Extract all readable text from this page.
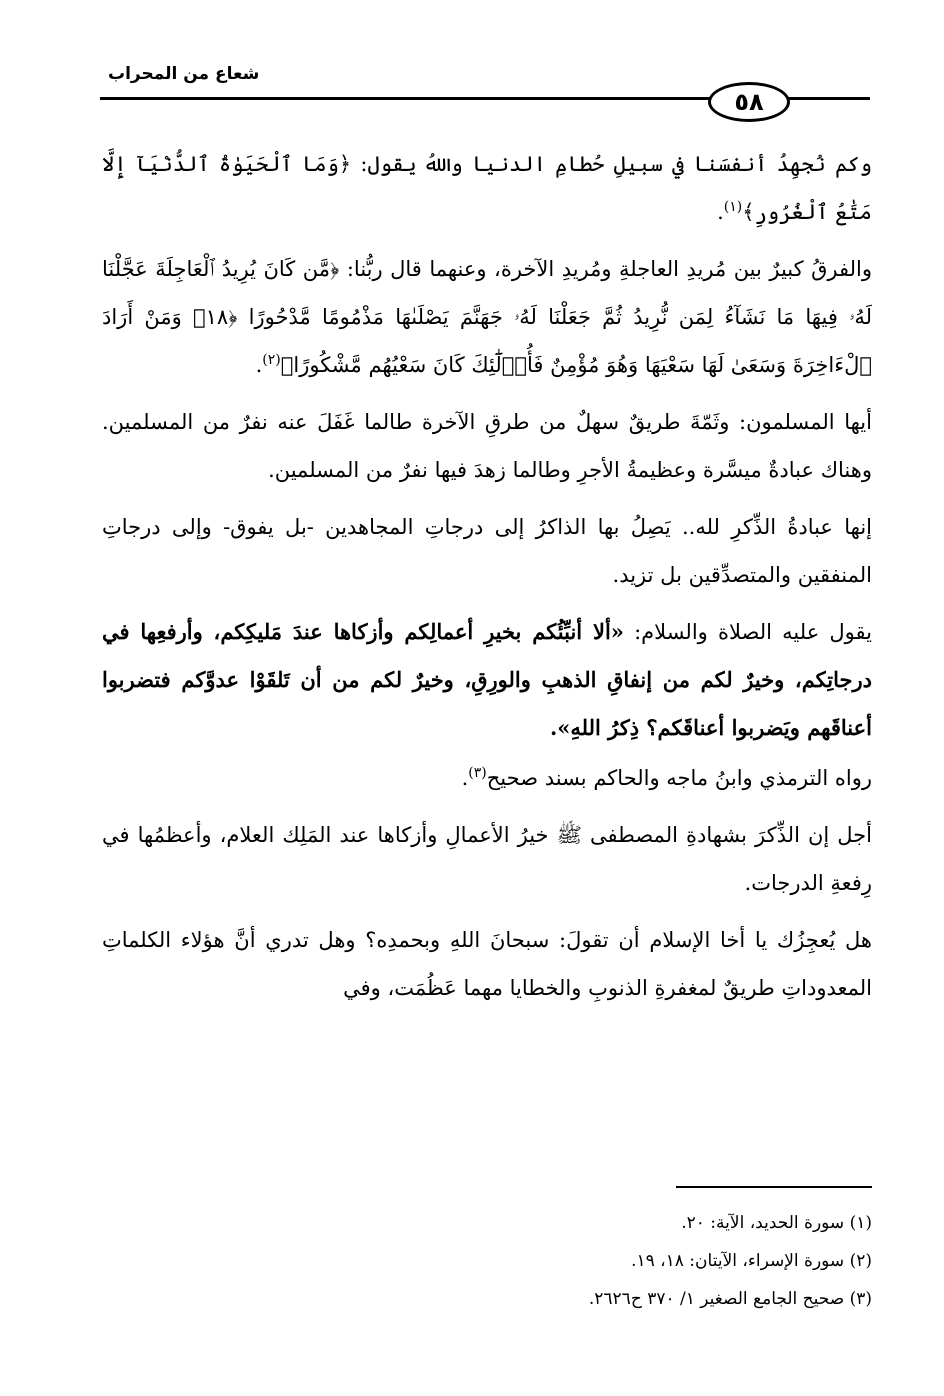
شعاع من المحراب
٥٨

وكم نُجهِدُ أنفسَنا في سبيلِ حُطامِ الدنيا واللهُ يقول: ﴿وَمَا ٱلْحَيَوٰةُ ٱلدُّنْيَآ إِلَّا مَتَٰعُ ٱلْغُرُورِ﴾$^{(١)}$.

والفرقُ كبيرٌ بين مُريدِ العاجلةِ ومُريدِ الآخرة، وعنهما قال ربُّنا: ﴿مَّن كَانَ يُرِيدُ ٱلْعَاجِلَةَ عَجَّلْنَا لَهُۥ فِيهَا مَا نَشَآءُ لِمَن نُّرِيدُ ثُمَّ جَعَلْنَا لَهُۥ جَهَنَّمَ يَصْلَىٰهَا مَذْمُومًا مَّدْحُورًا ﴿١٨﴾ وَمَنْ أَرَادَ ٱلْءَاخِرَةَ وَسَعَىٰ لَهَا سَعْيَهَا وَهُوَ مُؤْمِنٌ فَأُو۟لَٰٓئِكَ كَانَ سَعْيُهُم مَّشْكُورًا﴾$^{(٢)}$.

أيها المسلمون: وثَمّةَ طريقٌ سهلٌ من طرقِ الآخرة طالما غَفَلَ عنه نفرٌ من المسلمين. وهناك عبادةٌ ميسَّرة وعظيمةُ الأجرِ وطالما زهدَ فيها نفرٌ من المسلمين.

إنها عبادةُ الذِّكرِ لله.. يَصِلُ بها الذاكرُ إلى درجاتِ المجاهدين -بل يفوق- وإلى درجاتِ المنفقين والمتصدِّقين بل تزيد.

يقول عليه الصلاة والسلام: «ألا أنبِّئُكم بخيرِ أعمالِكم وأزكاها عندَ مَليكِكم، وأرفعِها في درجاتِكم، وخيرٌ لكم من إنفاقِ الذهبِ والورِقِ، وخيرٌ لكم من أن تَلقَوْا عدوَّكم فتضربوا أعناقَهم ويَضربوا أعناقَكم؟ ذِكرُ اللهِ».

رواه الترمذي وابنُ ماجه والحاكم بسند صحيح$^{(٣)}$.

أجل إن الذِّكرَ بشهادةِ المصطفى ﷺ خيرُ الأعمالِ وأزكاها عند المَلِك العلام، وأعظمُها في رِفعةِ الدرجات.

هل يُعجِزُك يا أخا الإسلام أن تقولَ: سبحانَ اللهِ وبحمدِه؟ وهل تدري أنَّ هؤلاء الكلماتِ المعدوداتِ طريقٌ لمغفرةِ الذنوبِ والخطايا مهما عَظُمَت، وفي

(١) سورة الحديد، الآية: ٢٠.
(٢) سورة الإسراء، الآيتان: ١٨، ١٩.
(٣) صحيح الجامع الصغير ١/ ٣٧٠ ح٢٦٢٦.
